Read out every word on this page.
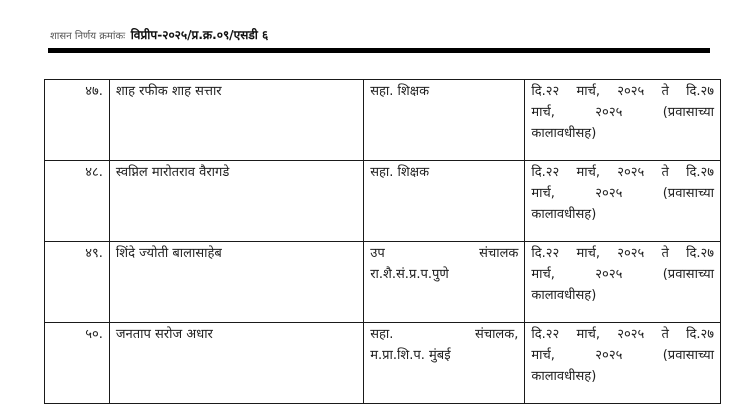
शासन निर्णय क्रमांकः विप्रीप-२०२५/प्र.क्र.०९/एसडी ६
४७.	शाह रफीक शाह सत्तार	सहा. शिक्षक	दि.२२ मार्च, २०२५ ते दि.२७
मार्च, २०२५ (प्रवासाच्या
कालावधीसह)

४८.	स्वप्निल मारोतराव वैरागडे	सहा. शिक्षक	दि.२२ मार्च, २०२५ ते दि.२७
मार्च, २०२५ (प्रवासाच्या
कालावधीसह)

४९.	शिंदे ज्योती बालासाहेब	उप संचालक
रा.शै.सं.प्र.प.पुणे	दि.२२ मार्च, २०२५ ते दि.२७
मार्च, २०२५ (प्रवासाच्या
कालावधीसह)

५०.	जनताप सरोज अधार	सहा. संचालक,
म.प्रा.शि.प. मुंबई	दि.२२ मार्च, २०२५ ते दि.२७
मार्च, २०२५ (प्रवासाच्या
कालावधीसह)
